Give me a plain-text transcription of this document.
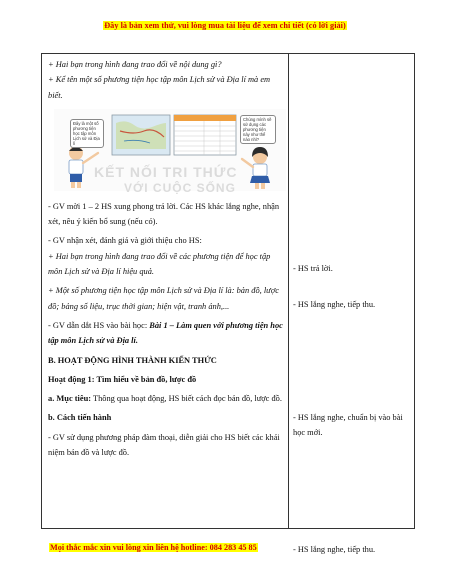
Đây là bản xem thử, vui lòng mua tài liệu để xem chi tiết (có lời giải)

+ Hai bạn trong hình đang trao đổi về nội dung gì?

+ Kể tên một số phương tiện học tập môn Lịch sử và Địa lí mà em biết.

Đây là một số phương tiện học tập môn Lịch sử và Địa lí
Chúng mình sẽ sử dụng các phương tiện này như thế nào nhỉ?
KẾT NỐI TRI THỨC
VỚI CUỘC SỐNG

- GV mời 1 – 2 HS xung phong trả lời. Các HS khác lắng nghe, nhận xét, nêu ý kiến bổ sung (nếu có).

- GV nhận xét, đánh giá và giới thiệu cho HS:

+ Hai bạn trong hình đang trao đổi về các phương tiện để học tập môn Lịch sử và Địa lí hiệu quả.

+ Một số phương tiện học tập môn Lịch sử và Địa lí là: bản đồ, lược đồ; bảng số liệu, trục thời gian; hiện vật, tranh ảnh,...

- GV dẫn dắt HS vào bài học: Bài 1 – Làm quen với phương tiện học tập môn Lịch sử và Địa lí.

B. HOẠT ĐỘNG HÌNH THÀNH KIẾN THỨC

Hoạt động 1: Tìm hiểu về bản đồ, lược đồ

a. Mục tiêu: Thông qua hoạt động, HS biết cách đọc bản đồ, lược đồ.

b. Cách tiến hành

- GV sử dụng phương pháp đàm thoại, diễn giải cho HS biết các khái niệm bản đồ và lược đồ.

- HS trả lời.

- HS lắng nghe, tiếp thu.

- HS lắng nghe, chuẩn bị vào bài học mới.

- HS lắng nghe, tiếp thu.

Mọi thắc mắc xin vui lòng xin liên hệ hotline: 084 283 45 85
